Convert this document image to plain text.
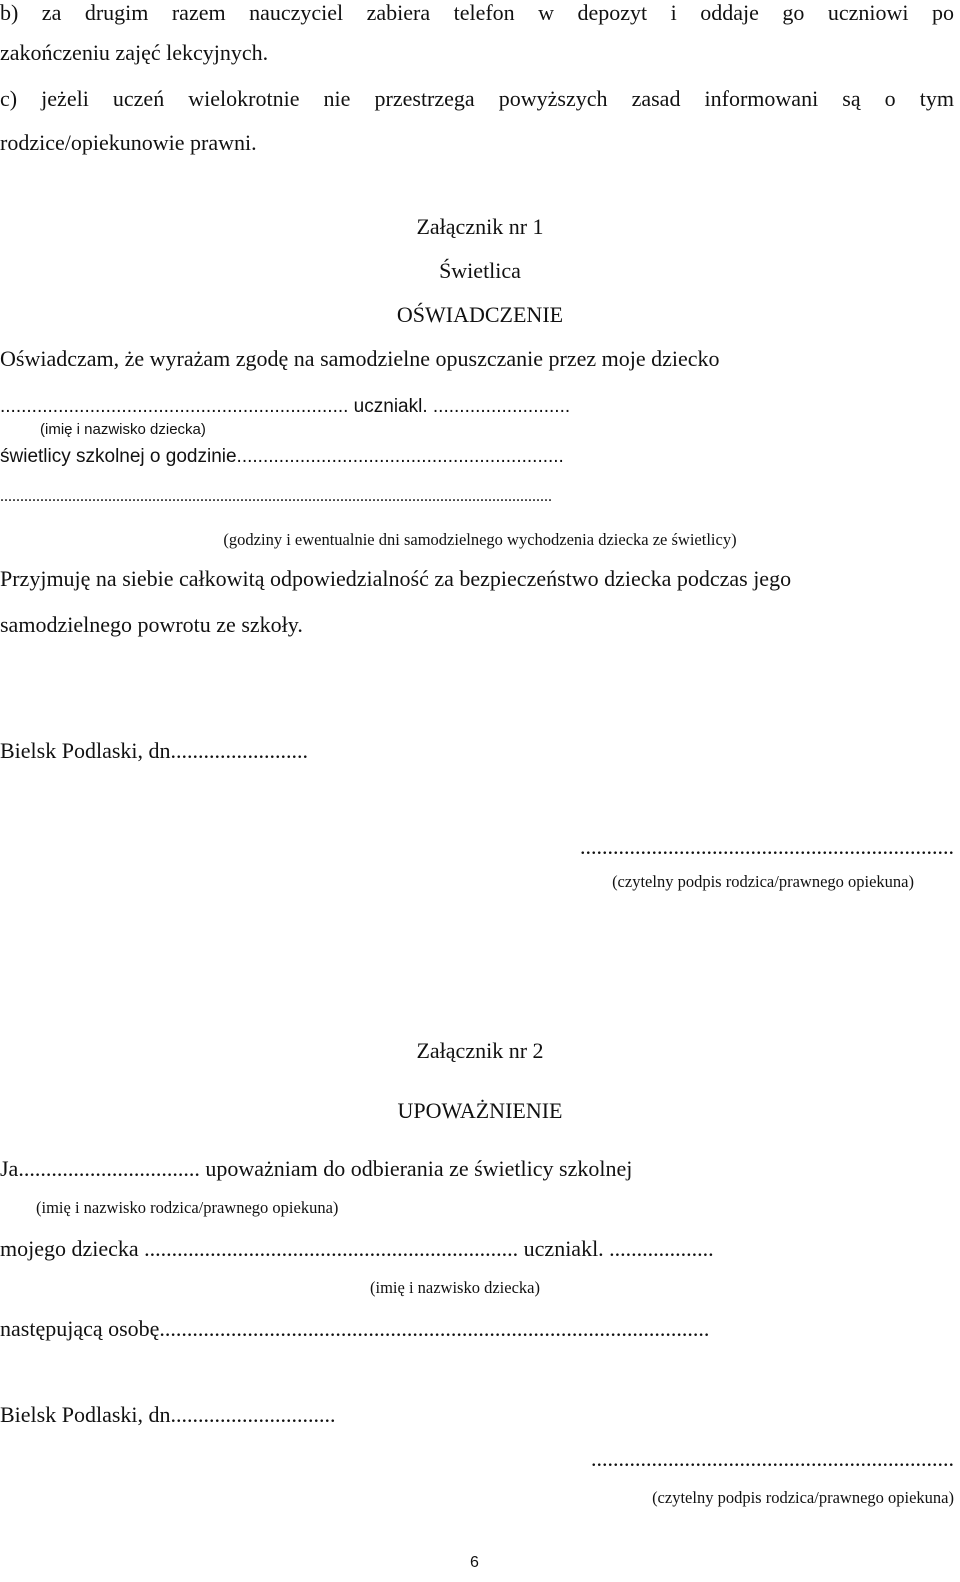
b) za drugim razem nauczyciel zabiera telefon w depozyt i oddaje go uczniowi po
zakończeniu zajęć lekcyjnych.
c) jeżeli uczeń wielokrotnie nie przestrzega powyższych zasad informowani są o tym
rodzice/opiekunowie prawni.
Załącznik nr 1
Świetlica
OŚWIADCZENIE
Oświadczam, że wyrażam zgodę na samodzielne opuszczanie przez moje dziecko
.................................................................. uczniakl. ..........................
(imię i nazwisko dziecka)
świetlicy szkolnej o godzinie..............................................................
..........................................................................................................................................
(godziny i ewentualnie dni samodzielnego wychodzenia dziecka ze świetlicy)
Przyjmuję na siebie całkowitą odpowiedzialność za bezpieczeństwo dziecka podczas jego
samodzielnego powrotu ze szkoły.
Bielsk Podlaski, dn.........................
....................................................................
(czytelny podpis rodzica/prawnego opiekuna)
Załącznik nr 2
UPOWAŻNIENIE
Ja................................. upoważniam do odbierania ze świetlicy szkolnej
(imię i nazwisko rodzica/prawnego opiekuna)
mojego dziecka .................................................................... uczniakl. ...................
(imię i nazwisko dziecka)
następującą osobę....................................................................................................
Bielsk Podlaski, dn..............................
..................................................................
(czytelny podpis rodzica/prawnego opiekuna)
6
